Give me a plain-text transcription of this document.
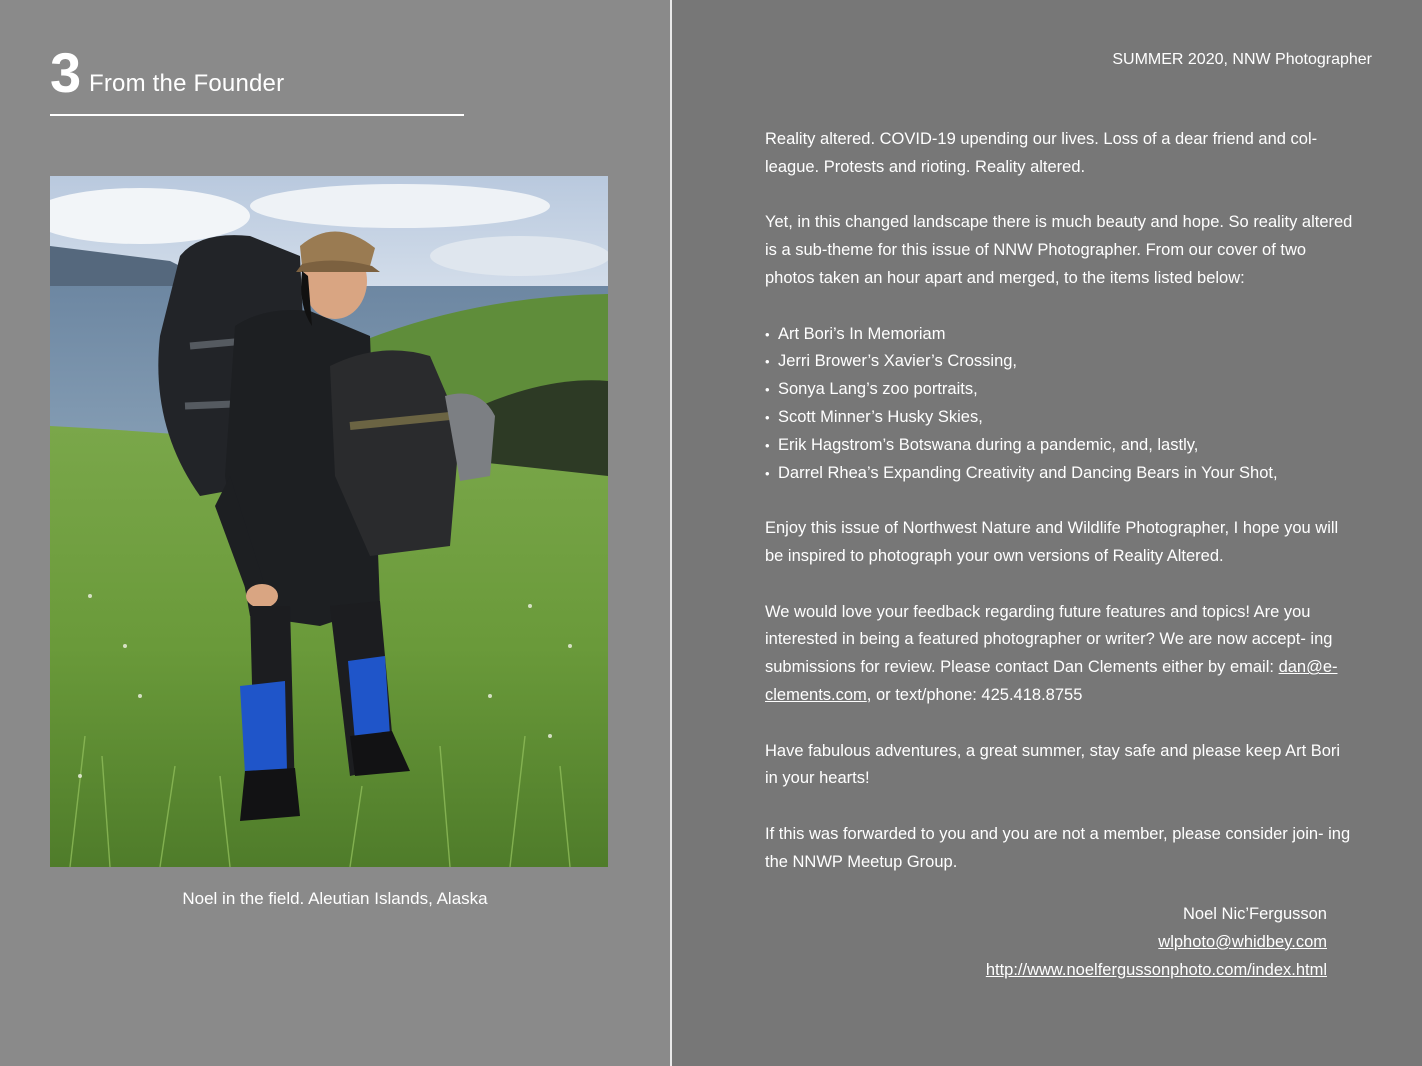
3 From the Founder
Noel in the field. Aleutian Islands, Alaska
SUMMER 2020, NNW Photographer

Reality altered. COVID-19 upending our lives. Loss of a dear friend and col- league. Protests and rioting. Reality altered.

Yet, in this changed landscape there is much beauty and hope. So reality altered is a sub-theme for this issue of NNW Photographer. From our cover of two photos taken an hour apart and merged, to the items listed below:

• Art Bori’s In Memoriam
• Jerri Brower’s Xavier’s Crossing,
• Sonya Lang’s zoo portraits,
• Scott Minner’s Husky Skies,
• Erik Hagstrom’s Botswana during a pandemic, and, lastly,
• Darrel Rhea’s Expanding Creativity and Dancing Bears in Your Shot,

Enjoy this issue of Northwest Nature and Wildlife Photographer, I hope you will be inspired to photograph your own versions of Reality Altered.

We would love your feedback regarding future features and topics! Are you interested in being a featured photographer or writer? We are now accept- ing submissions for review. Please contact Dan Clements either by email: dan@e-clements.com, or text/phone: 425.418.8755

Have fabulous adventures, a great summer, stay safe and please keep Art Bori in your hearts!

If this was forwarded to you and you are not a member, please consider join- ing the NNWP Meetup Group.

Noel Nic’Fergusson
wlphoto@whidbey.com
http://www.noelfergussonphoto.com/index.html
